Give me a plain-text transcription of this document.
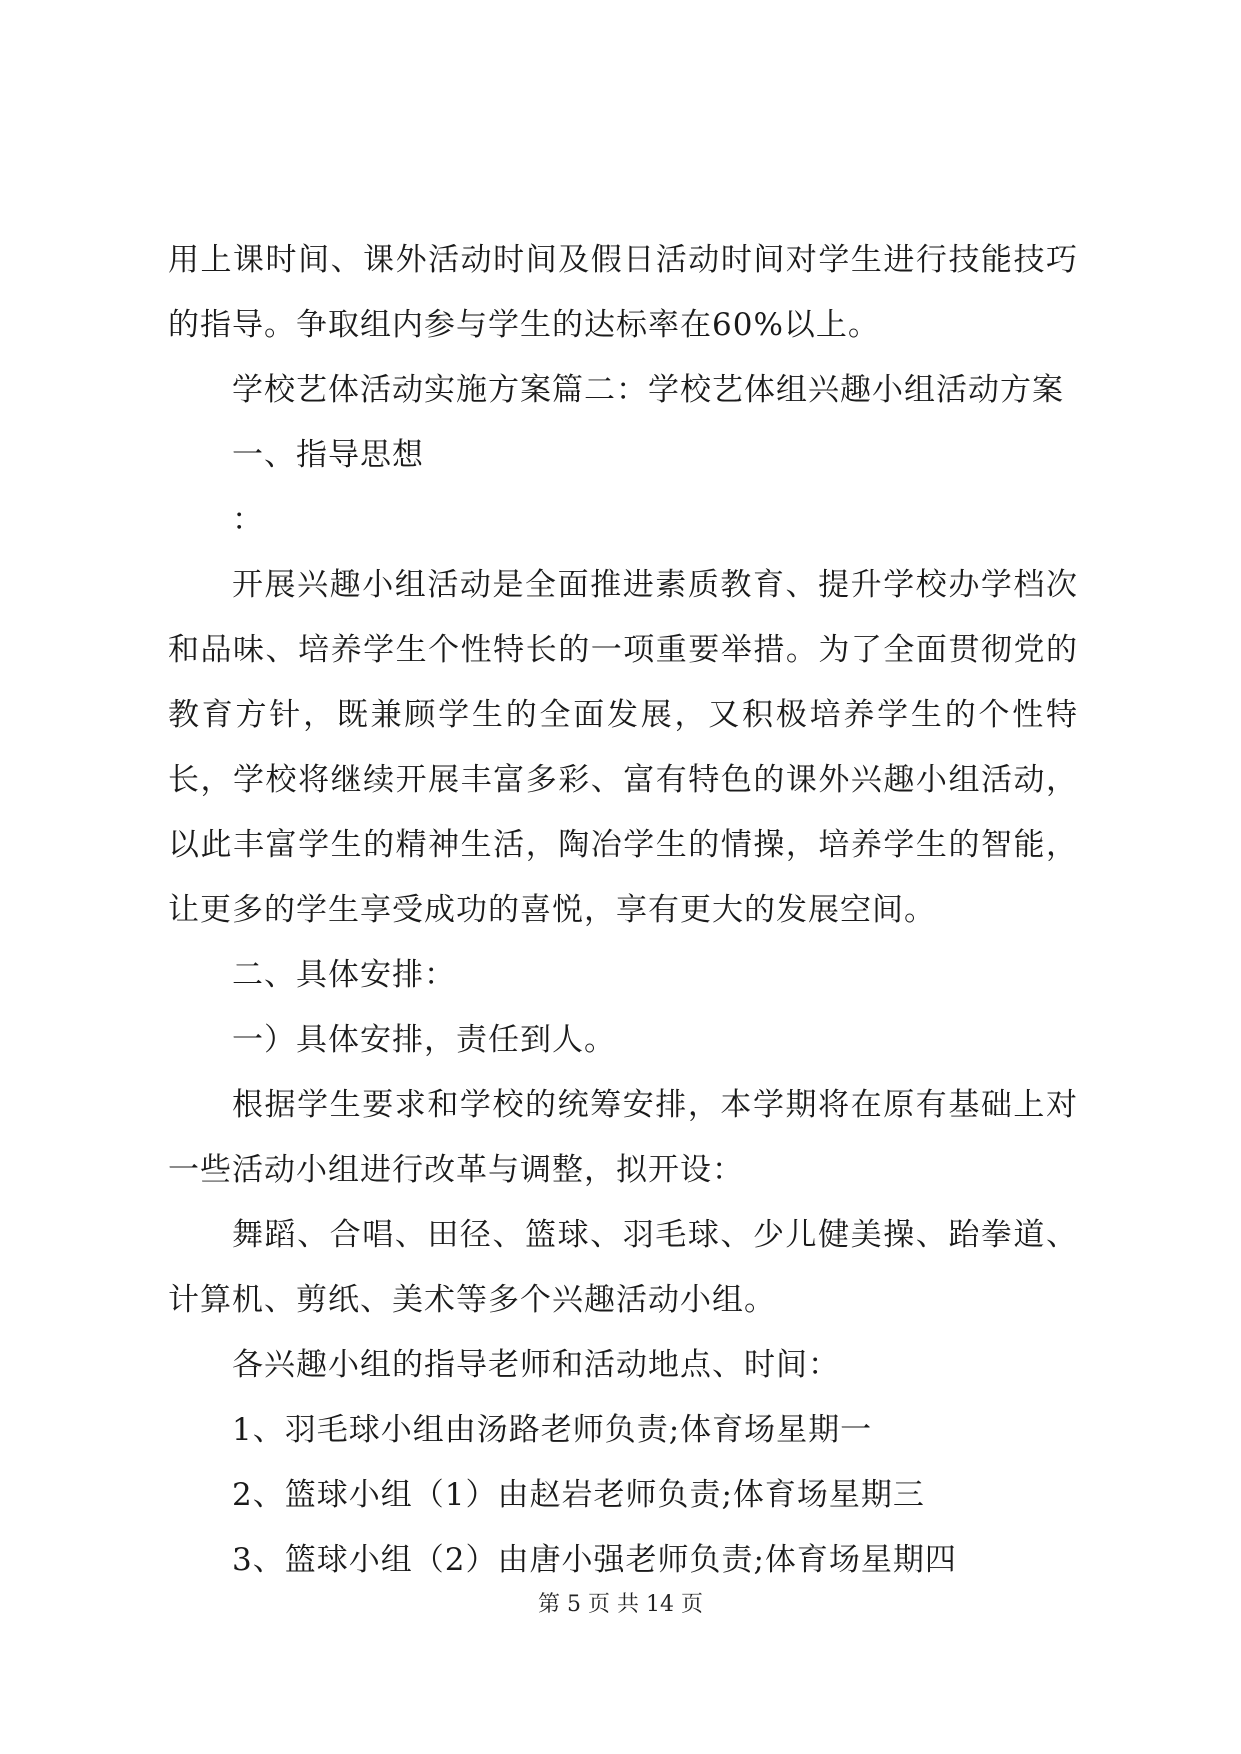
用上课时间、课外活动时间及假日活动时间对学生进行技能技巧的指导。争取组内参与学生的达标率在60%以上。

学校艺体活动实施方案篇二：学校艺体组兴趣小组活动方案

一、指导思想

：

开展兴趣小组活动是全面推进素质教育、提升学校办学档次和品味、培养学生个性特长的一项重要举措。为了全面贯彻党的教育方针，既兼顾学生的全面发展，又积极培养学生的个性特长，学校将继续开展丰富多彩、富有特色的课外兴趣小组活动，以此丰富学生的精神生活，陶冶学生的情操，培养学生的智能，让更多的学生享受成功的喜悦，享有更大的发展空间。

二、具体安排：

一）具体安排，责任到人。

根据学生要求和学校的统筹安排，本学期将在原有基础上对一些活动小组进行改革与调整，拟开设：

舞蹈、合唱、田径、篮球、羽毛球、少儿健美操、跆拳道、计算机、剪纸、美术等多个兴趣活动小组。

各兴趣小组的指导老师和活动地点、时间：

1、羽毛球小组由汤路老师负责;体育场星期一

2、篮球小组（1）由赵岩老师负责;体育场星期三

3、篮球小组（2）由唐小强老师负责;体育场星期四

第 5 页 共 14 页
